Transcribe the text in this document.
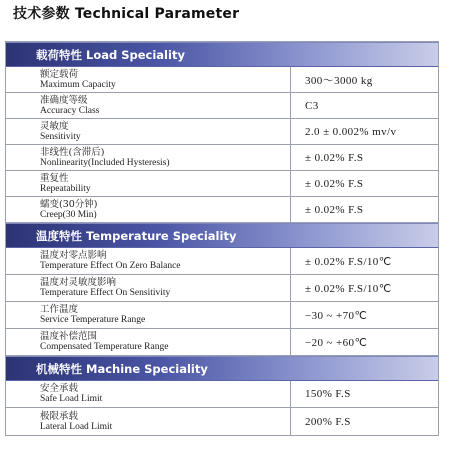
技术参数 Technical Parameter
载荷特性 Load Speciality
额定载荷
Maximum Capacity	300～3000 kg
准确度等级
Accuracy Class	C3
灵敏度
Sensitivity	2.0 ± 0.002% mv/v
非线性(含滞后)
Nonlinearity(Included Hysteresis)	± 0.02% F.S
重复性
Repeatability	± 0.02% F.S
蠕变(30分钟)
Creep(30 Min)	± 0.02% F.S
温度特性 Temperature Speciality
温度对零点影响
Temperature Effect On Zero Balance	± 0.02% F.S/10℃
温度对灵敏度影响
Temperature Effect On Sensitivity	± 0.02% F.S/10℃
工作温度
Service Temperature Range	−30 ~ +70℃
温度补偿范围
Compensated Temperature Range	−20 ~ +60℃
机械特性 Machine Speciality
安全承载
Safe Load Limit	150% F.S
极限承载
Lateral Load Limit	200% F.S
